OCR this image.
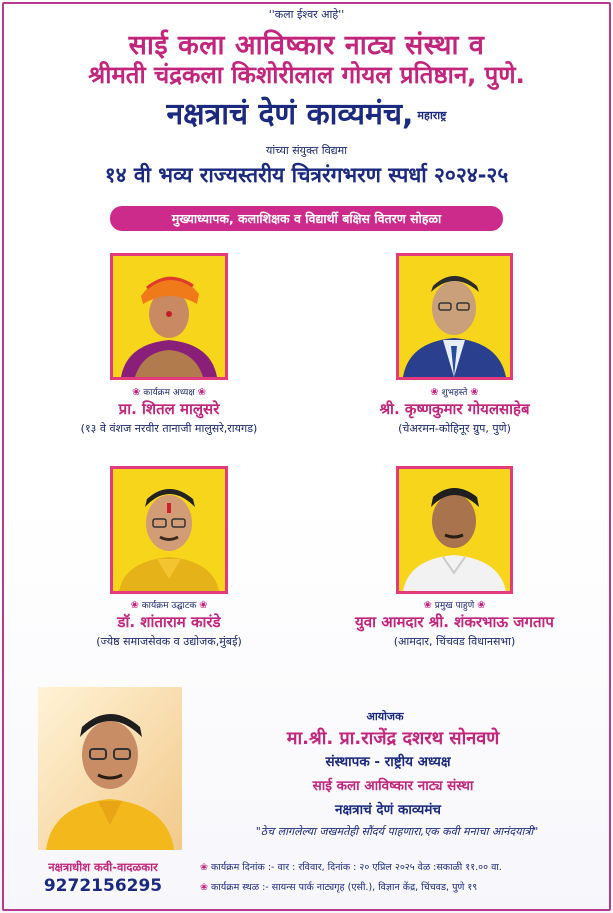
''कला ईश्वर आहे''
साई कला आविष्कार नाट्य संस्था व
श्रीमती चंद्रकला किशोरीलाल गोयल प्रतिष्ठान, पुणे.
नक्षत्राचं देणं काव्यमंच, महाराष्ट्र
यांच्या संयुक्त विद्यमा
१४ वी भव्य राज्यस्तरीय चित्ररंगभरण स्पर्धा २०२४-२५
मुख्याध्यापक, कलाशिक्षक व विद्यार्थी बक्षिस वितरण सोहळा
❀ कार्यक्रम अध्यक्ष ❀
प्रा. शितल मालुसरे
(१३ वे वंशज नरवीर तानाजी मालुसरे,रायगड)
❀ शुभहस्ते ❀
श्री. कृष्णकुमार गोयलसाहेब
(चेअरमन-कोहिनूर ग्रुप, पुणे)
❀ कार्यक्रम उद्घाटक ❀
डॉ. शांताराम कारंडे
(ज्येष्ठ समाजसेवक व उद्योजक,मुंबई)
❀ प्रमुख पाहुणे ❀
युवा आमदार श्री. शंकरभाऊ जगताप
(आमदार, चिंचवड विधानसभा)
आयोजक
मा.श्री. प्रा.राजेंद्र दशरथ सोनवणे
संस्थापक - राष्ट्रीय अध्यक्ष
साई कला आविष्कार नाट्य संस्था
नक्षत्राचं देणं काव्यमंच
"ठेच लागलेल्या जखमतेही सौंदर्य पाहणारा,एक कवी मनाचा आनंदयात्री"
नक्षत्राधीश कवी-वादळकार
9272156295
❀ कार्यक्रम दिनांक :- वार : रविवार, दिनांक : २० एप्रिल २०२५ वेळ :सकाळी ११.०० वा.
❀ कार्यक्रम स्थळ :- सायन्स पार्क नाट्यगृह (एसी.), विज्ञान केंद्र, चिंचवड, पुणे १९
